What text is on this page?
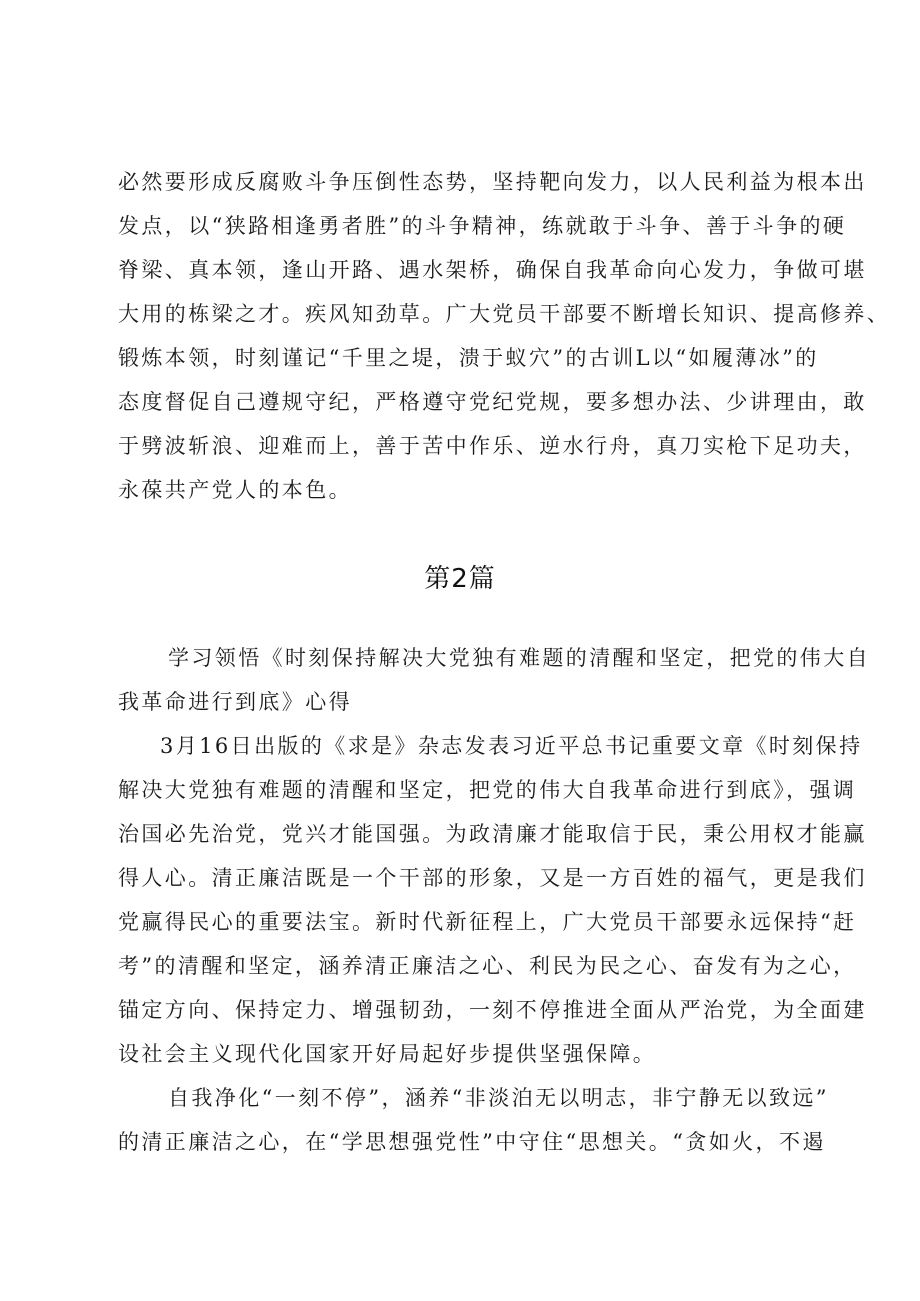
必然要形成反腐败斗争压倒性态势，坚持靶向发力，以人民利益为根本出
发点，以“狭路相逢勇者胜”的斗争精神，练就敢于斗争、善于斗争的硬
脊梁、真本领，逢山开路、遇水架桥，确保自我革命向心发力，争做可堪
大用的栋梁之才。疾风知劲草。广大党员干部要不断增长知识、提高修养、
锻炼本领，时刻谨记“千里之堤，溃于蚁穴”的古训L以“如履薄冰”的
态度督促自己遵规守纪，严格遵守党纪党规，要多想办法、少讲理由，敢
于劈波斩浪、迎难而上，善于苦中作乐、逆水行舟，真刀实枪下足功夫，
永葆共产党人的本色。
第2篇
学习领悟《时刻保持解决大党独有难题的清醒和坚定，把党的伟大自
我革命进行到底》心得
3月16日出版的《求是》杂志发表习近平总书记重要文章《时刻保持
解决大党独有难题的清醒和坚定，把党的伟大自我革命进行到底》，强调
治国必先治党，党兴才能国强。为政清廉才能取信于民，秉公用权才能赢
得人心。清正廉洁既是一个干部的形象，又是一方百姓的福气，更是我们
党赢得民心的重要法宝。新时代新征程上，广大党员干部要永远保持“赶
考”的清醒和坚定，涵养清正廉洁之心、利民为民之心、奋发有为之心，
锚定方向、保持定力、增强韧劲，一刻不停推进全面从严治党，为全面建
设社会主义现代化国家开好局起好步提供坚强保障。
自我净化“一刻不停”，涵养“非淡泊无以明志，非宁静无以致远”
的清正廉洁之心，在“学思想强党性”中守住“思想关。“贪如火，不遏
